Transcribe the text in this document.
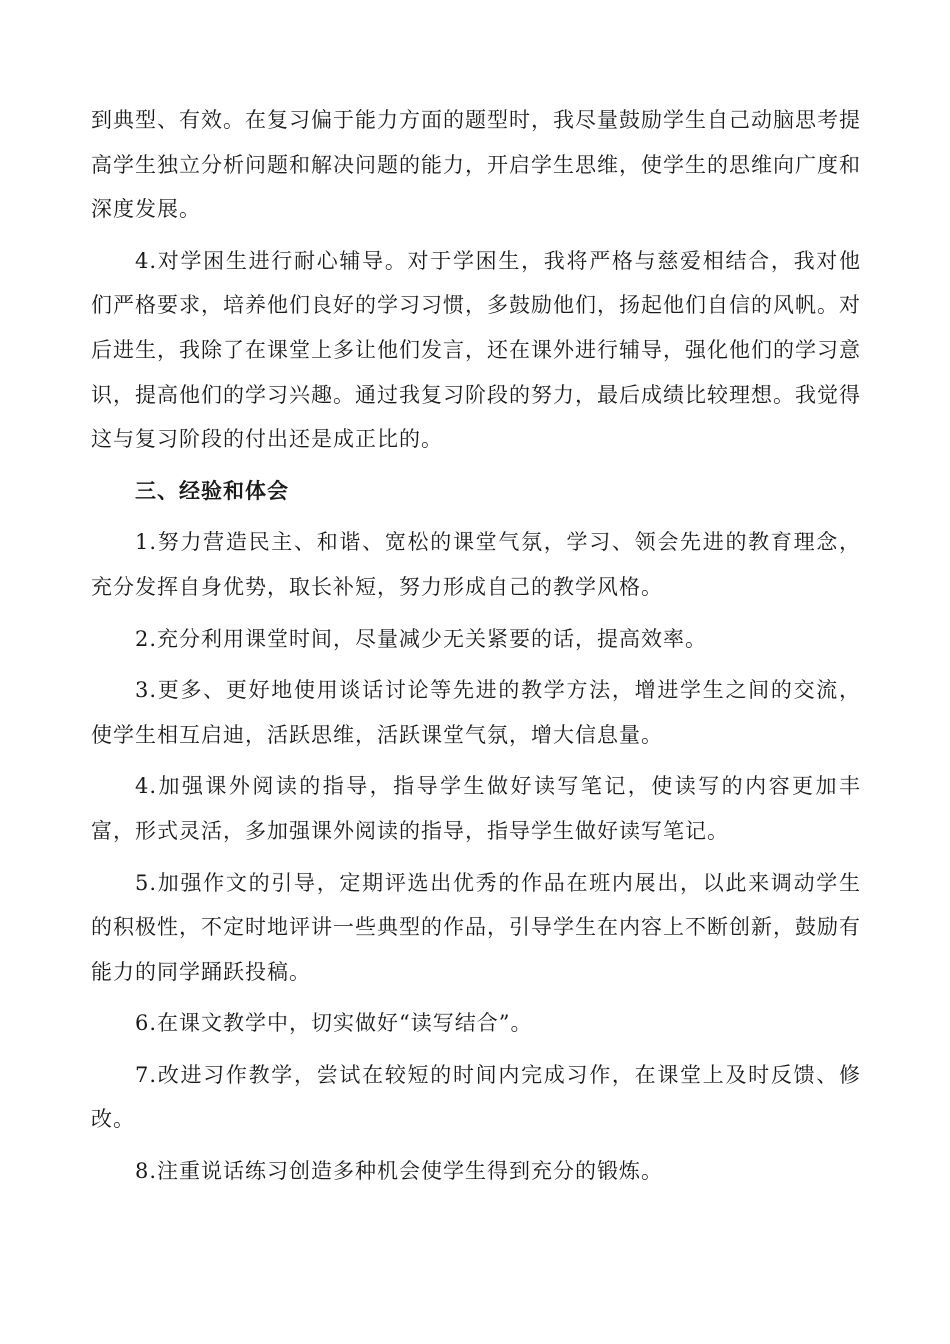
到典型、有效。在复习偏于能力方面的题型时，我尽量鼓励学生自己动脑思考提高学生独立分析问题和解决问题的能力，开启学生思维，使学生的思维向广度和深度发展。

4.对学困生进行耐心辅导。对于学困生，我将严格与慈爱相结合，我对他们严格要求，培养他们良好的学习习惯，多鼓励他们，扬起他们自信的风帆。对后进生，我除了在课堂上多让他们发言，还在课外进行辅导，强化他们的学习意识，提高他们的学习兴趣。通过我复习阶段的努力，最后成绩比较理想。我觉得这与复习阶段的付出还是成正比的。

三、经验和体会

1.努力营造民主、和谐、宽松的课堂气氛，学习、领会先进的教育理念，充分发挥自身优势，取长补短，努力形成自己的教学风格。

2.充分利用课堂时间，尽量减少无关紧要的话，提高效率。

3.更多、更好地使用谈话讨论等先进的教学方法，增进学生之间的交流，使学生相互启迪，活跃思维，活跃课堂气氛，增大信息量。

4.加强课外阅读的指导，指导学生做好读写笔记，使读写的内容更加丰富，形式灵活，多加强课外阅读的指导，指导学生做好读写笔记。

5.加强作文的引导，定期评选出优秀的作品在班内展出，以此来调动学生的积极性，不定时地评讲一些典型的作品，引导学生在内容上不断创新，鼓励有能力的同学踊跃投稿。

6.在课文教学中，切实做好“读写结合”。

7.改进习作教学，尝试在较短的时间内完成习作，在课堂上及时反馈、修改。

8.注重说话练习创造多种机会使学生得到充分的锻炼。
